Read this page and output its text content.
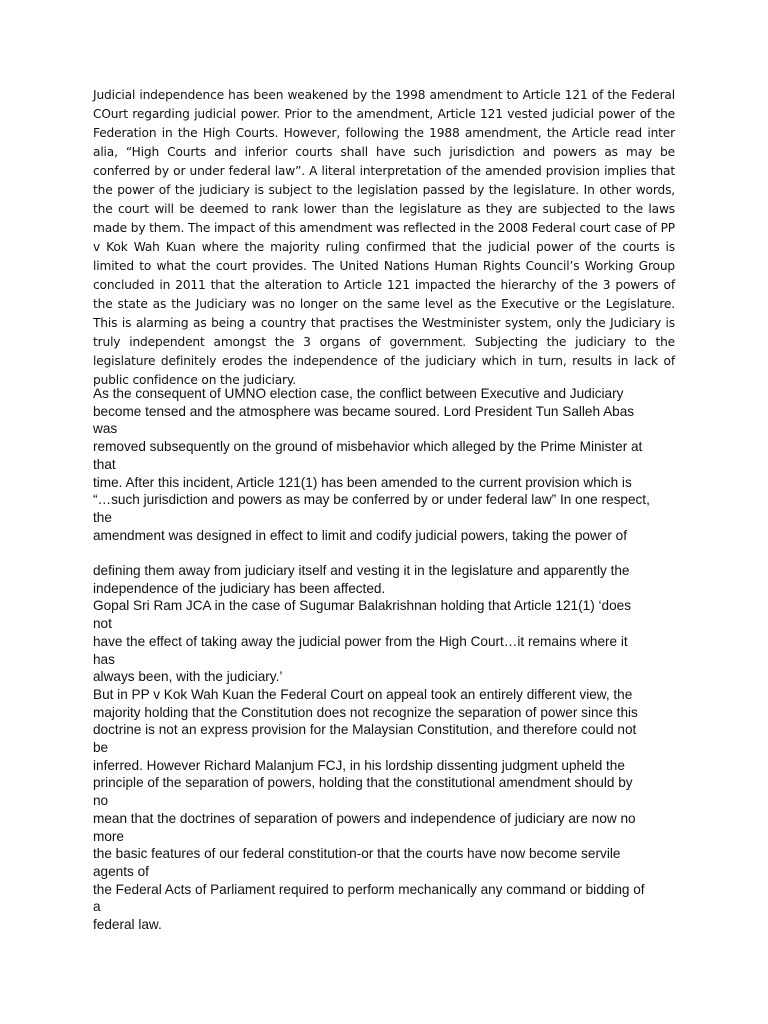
Judicial independence has been weakened by the 1998 amendment to Article 121 of the Federal COurt regarding judicial power. Prior to the amendment, Article 121 vested judicial power of the Federation in the High Courts. However, following the 1988 amendment, the Article read inter alia, “High Courts and inferior courts shall have such jurisdiction and powers as may be conferred by or under federal law”. A literal interpretation of the amended provision implies that the power of the judiciary is subject to the legislation passed by the legislature. In other words, the court will be deemed to rank lower than the legislature as they are subjected to the laws made by them. The impact of this amendment was reflected in the 2008 Federal court case of PP v Kok Wah Kuan where the majority ruling confirmed that the judicial power of the courts is limited to what the court provides. The United Nations Human Rights Council’s Working Group concluded in 2011 that the alteration to Article 121 impacted the hierarchy of the 3 powers of the state as the Judiciary was no longer on the same level as the Executive or the Legislature. This is alarming as being a country that practises the Westminister system, only the Judiciary is truly independent amongst the 3 organs of government. Subjecting the judiciary to the legislature definitely erodes the independence of the judiciary which in turn, results in lack of public confidence on the judiciary.

As the consequent of UMNO election case, the conflict between Executive and Judiciary
become tensed and the atmosphere was became soured. Lord President Tun Salleh Abas
was
removed subsequently on the ground of misbehavior which alleged by the Prime Minister at
that
time. After this incident, Article 121(1) has been amended to the current provision which is
“…such jurisdiction and powers as may be conferred by or under federal law” In one respect,
the
amendment was designed in effect to limit and codify judicial powers, taking the power of
defining them away from judiciary itself and vesting it in the legislature and apparently the
independence of the judiciary has been affected.
Gopal Sri Ram JCA in the case of Sugumar Balakrishnan holding that Article 121(1) ‘does
not
have the effect of taking away the judicial power from the High Court…it remains where it
has
always been, with the judiciary.’
But in PP v Kok Wah Kuan the Federal Court on appeal took an entirely different view, the
majority holding that the Constitution does not recognize the separation of power since this
doctrine is not an express provision for the Malaysian Constitution, and therefore could not
be
inferred. However Richard Malanjum FCJ, in his lordship dissenting judgment upheld the
principle of the separation of powers, holding that the constitutional amendment should by
no
mean that the doctrines of separation of powers and independence of judiciary are now no
more
the basic features of our federal constitution-or that the courts have now become servile
agents of
the Federal Acts of Parliament required to perform mechanically any command or bidding of
a
federal law.
